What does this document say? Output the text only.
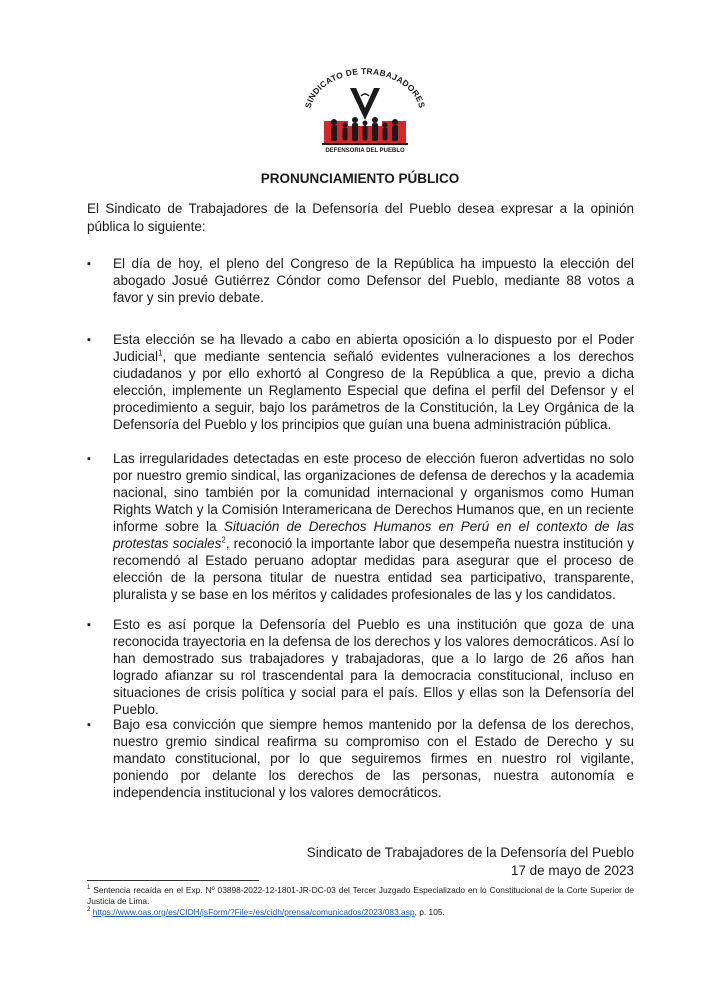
SINDICATO DE TRABAJADORES
DEFENSORIA DEL PUEBLO
PRONUNCIAMIENTO PÚBLICO
El Sindicato de Trabajadores de la Defensoría del Pueblo desea expresar a la opinión pública lo siguiente:
▪ El día de hoy, el pleno del Congreso de la República ha impuesto la elección del abogado Josué Gutiérrez Cóndor como Defensor del Pueblo, mediante 88 votos a favor y sin previo debate.
▪ Esta elección se ha llevado a cabo en abierta oposición a lo dispuesto por el Poder Judicial$^1$, que mediante sentencia señaló evidentes vulneraciones a los derechos ciudadanos y por ello exhortó al Congreso de la República a que, previo a dicha elección, implemente un Reglamento Especial que defina el perfil del Defensor y el procedimiento a seguir, bajo los parámetros de la Constitución, la Ley Orgánica de la Defensoría del Pueblo y los principios que guían una buena administración pública.
▪ Las irregularidades detectadas en este proceso de elección fueron advertidas no solo por nuestro gremio sindical, las organizaciones de defensa de derechos y la academia nacional, sino también por la comunidad internacional y organismos como Human Rights Watch y la Comisión Interamericana de Derechos Humanos que, en un reciente informe sobre la Situación de Derechos Humanos en Perú en el contexto de las protestas sociales$^2$, reconoció la importante labor que desempeña nuestra institución y recomendó al Estado peruano adoptar medidas para asegurar que el proceso de elección de la persona titular de nuestra entidad sea participativo, transparente, pluralista y se base en los méritos y calidades profesionales de las y los candidatos.
▪ Esto es así porque la Defensoría del Pueblo es una institución que goza de una reconocida trayectoria en la defensa de los derechos y los valores democráticos. Así lo han demostrado sus trabajadores y trabajadoras, que a lo largo de 26 años han logrado afianzar su rol trascendental para la democracia constitucional, incluso en situaciones de crisis política y social para el país. Ellos y ellas son la Defensoría del Pueblo.
▪ Bajo esa convicción que siempre hemos mantenido por la defensa de los derechos, nuestro gremio sindical reafirma su compromiso con el Estado de Derecho y su mandato constitucional, por lo que seguiremos firmes en nuestro rol vigilante, poniendo por delante los derechos de las personas, nuestra autonomía e independencia institucional y los valores democráticos.
Sindicato de Trabajadores de la Defensoría del Pueblo
17 de mayo de 2023
$^1$ Sentencia recaída en el Exp. Nº 03898-2022-12-1801-JR-DC-03 del Tercer Juzgado Especializado en lo Constitucional de la Corte Superior de Justicia de Lima.
$^2$ https://www.oas.org/es/CIDH/jsForm/?File=/es/cidh/prensa/comunicados/2023/083.asp, p. 105.
